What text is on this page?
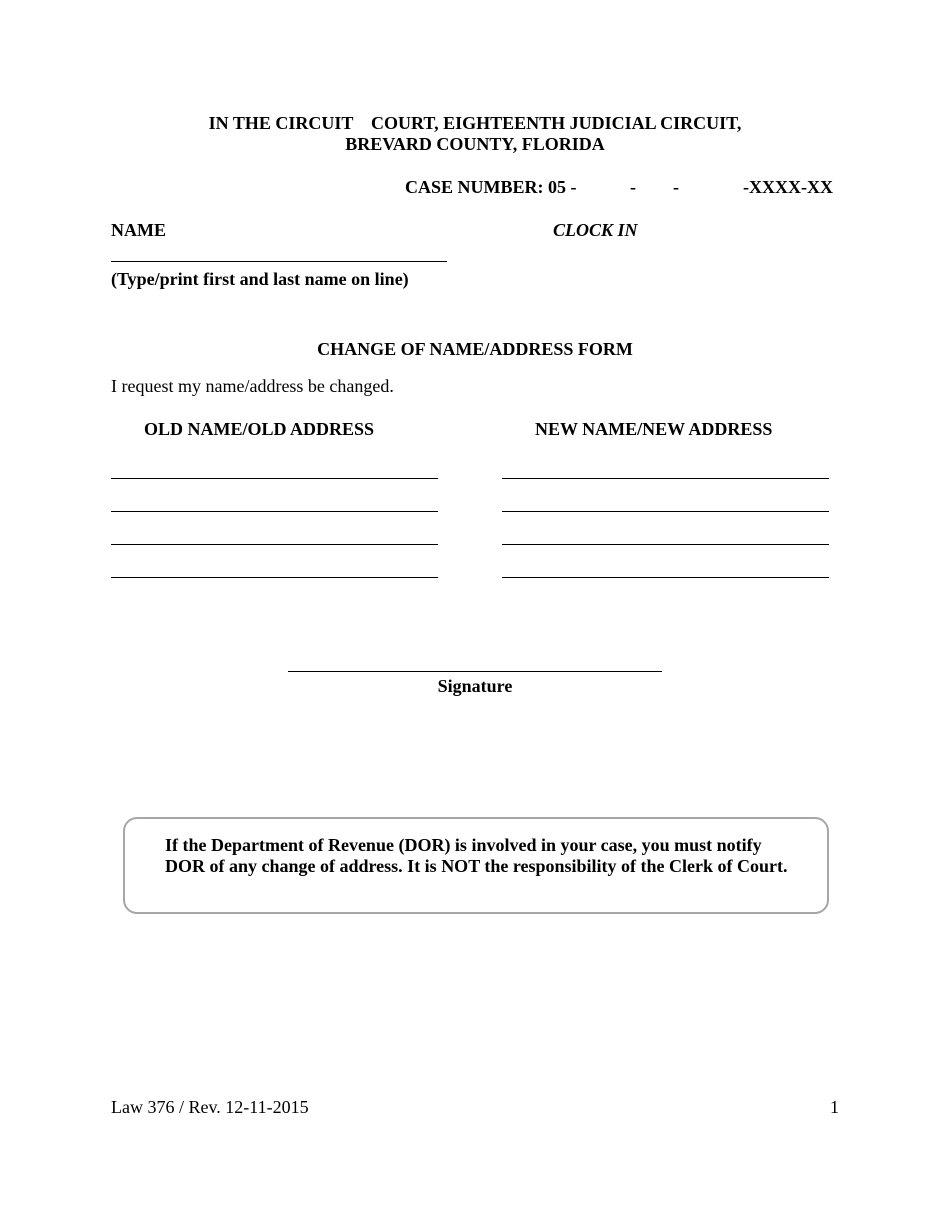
IN THE CIRCUIT    COURT, EIGHTEENTH JUDICIAL CIRCUIT,
BREVARD COUNTY, FLORIDA
CASE NUMBER: 05 -	- -	-XXXX-XX
NAME	CLOCK IN
(Type/print first and last name on line)
CHANGE OF NAME/ADDRESS FORM
I request my name/address be changed.
OLD NAME/OLD ADDRESS	NEW NAME/NEW ADDRESS
Signature
If the Department of Revenue (DOR) is involved in your case, you must notify DOR of any change of address. It is NOT the responsibility of the Clerk of Court.
Law 376 / Rev. 12-11-2015	1
